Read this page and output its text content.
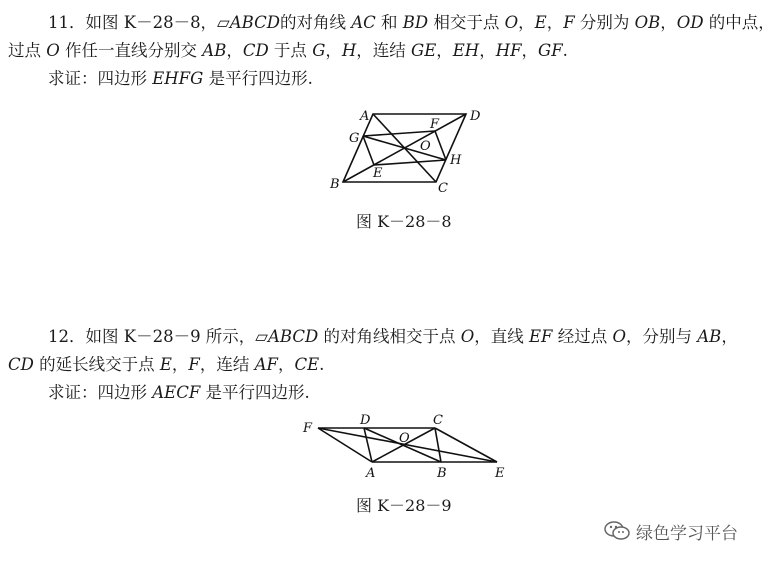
11．如图 K－28－8，▱ABCD的对角线 AC 和 BD 相交于点 O，E，F 分别为 OB，OD 的中点，
过点 O 作任一直线分别交 AB，CD 于点 G，H，连结 GE，EH，HF，GF.
求证：四边形 EHFG 是平行四边形.
A	D
G
F
O
H
E
B	C
图 K－28－8
12．如图 K－28－9 所示，▱ABCD 的对角线相交于点 O，直线 EF 经过点 O，分别与 AB，
CD 的延长线交于点 E，F，连结 AF，CE.
求证：四边形 AECF 是平行四边形.
F
D	C
O
A	B	E
图 K－28－9
绿色学习平台
